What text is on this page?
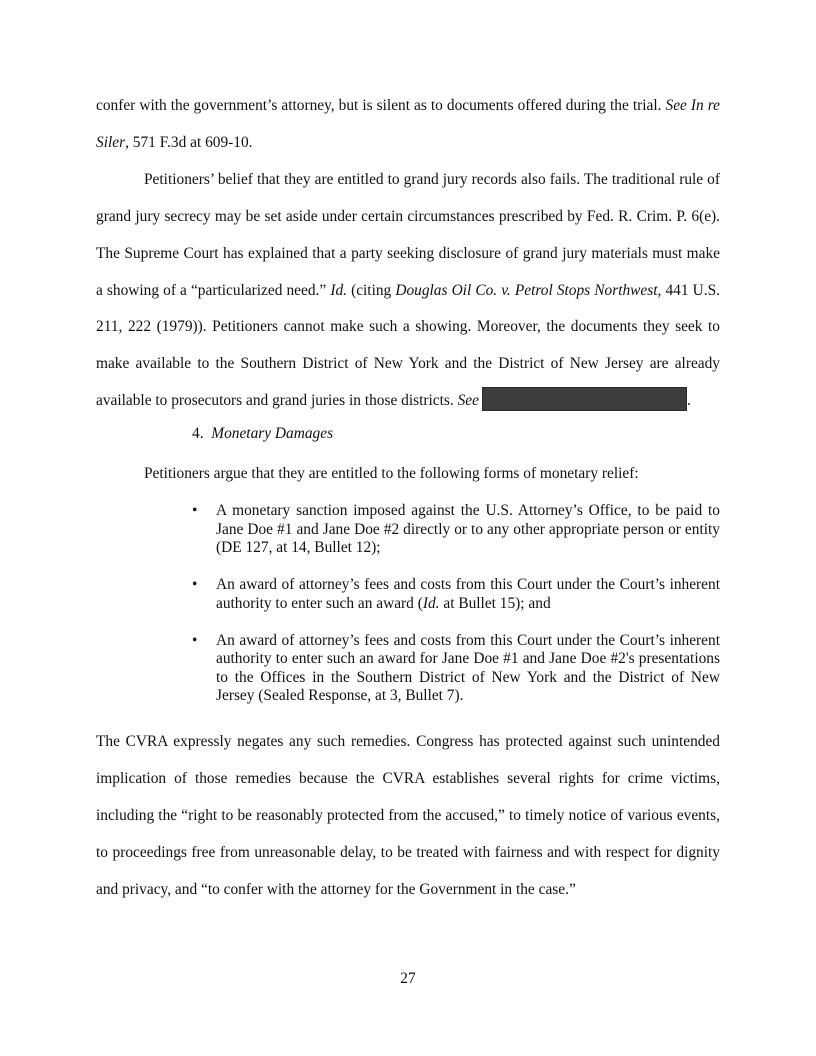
confer with the government’s attorney, but is silent as to documents offered during the trial. See In re Siler, 571 F.3d at 609-10.

Petitioners’ belief that they are entitled to grand jury records also fails. The traditional rule of grand jury secrecy may be set aside under certain circumstances prescribed by Fed. R. Crim. P. 6(e). The Supreme Court has explained that a party seeking disclosure of grand jury materials must make a showing of a “particularized need.” Id. (citing Douglas Oil Co. v. Petrol Stops Northwest, 441 U.S. 211, 222 (1979)). Petitioners cannot make such a showing. Moreover, the documents they seek to make available to the Southern District of New York and the District of New Jersey are already available to prosecutors and grand juries in those districts. See	.

4. Monetary Damages
Petitioners argue that they are entitled to the following forms of monetary relief:
• A monetary sanction imposed against the U.S. Attorney’s Office, to be paid to Jane Doe #1 and Jane Doe #2 directly or to any other appropriate person or entity (DE 127, at 14, Bullet 12);
• An award of attorney’s fees and costs from this Court under the Court’s inherent authority to enter such an award (Id. at Bullet 15); and
• An award of attorney’s fees and costs from this Court under the Court’s inherent authority to enter such an award for Jane Doe #1 and Jane Doe #2's presentations to the Offices in the Southern District of New York and the District of New Jersey (Sealed Response, at 3, Bullet 7).

The CVRA expressly negates any such remedies. Congress has protected against such unintended implication of those remedies because the CVRA establishes several rights for crime victims, including the “right to be reasonably protected from the accused,” to timely notice of various events, to proceedings free from unreasonable delay, to be treated with fairness and with respect for dignity and privacy, and “to confer with the attorney for the Government in the case.”

27
